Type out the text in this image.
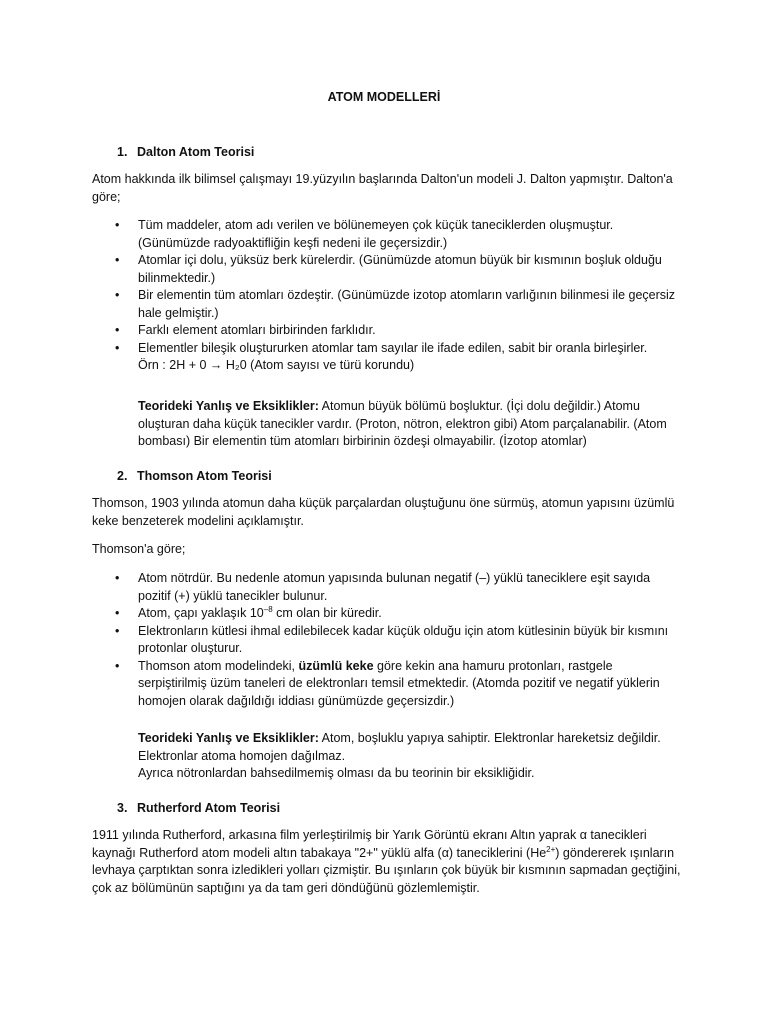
ATOM MODELLERİ
1. Dalton Atom Teorisi
Atom hakkında ilk bilimsel çalışmayı 19.yüzyılın başlarında Dalton'un modeli J. Dalton yapmıştır. Dalton'a göre;
• Tüm maddeler, atom adı verilen ve bölünemeyen çok küçük taneciklerden oluşmuştur. (Günümüzde radyoaktifliğin keşfi nedeni ile geçersizdir.)
• Atomlar içi dolu, yüksüz berk kürelerdir. (Günümüzde atomun büyük bir kısmının boşluk olduğu bilinmektedir.)
• Bir elementin tüm atomları özdeştir. (Günümüzde izotop atomların varlığının bilinmesi ile geçersiz hale gelmiştir.)
• Farklı element atomları birbirinden farklıdır.
• Elementler bileşik oluştururken atomlar tam sayılar ile ifade edilen, sabit bir oranla birleşirler.
Örn : 2H + 0 → H₂0 (Atom sayısı ve türü korundu)
Teorideki Yanlış ve Eksiklikler: Atomun büyük bölümü boşluktur. (İçi dolu değildir.) Atomu oluşturan daha küçük tanecikler vardır. (Proton, nötron, elektron gibi) Atom parçalanabilir. (Atom bombası) Bir elementin tüm atomları birbirinin özdeşi olmayabilir. (İzotop atomlar)
2. Thomson Atom Teorisi
Thomson, 1903 yılında atomun daha küçük parçalardan oluştuğunu öne sürmüş, atomun yapısını üzümlü keke benzeterek modelini açıklamıştır.
Thomson'a göre;
• Atom nötrdür. Bu nedenle atomun yapısında bulunan negatif (–) yüklü taneciklere eşit sayıda pozitif (+) yüklü tanecikler bulunur.
• Atom, çapı yaklaşık $10^{-8}$ cm olan bir küredir.
• Elektronların kütlesi ihmal edilebilecek kadar küçük olduğu için atom kütlesinin büyük bir kısmını protonlar oluşturur.
• Thomson atom modelindeki, üzümlü keke göre kekin ana hamuru protonları, rastgele serpiştirilmiş üzüm taneleri de elektronları temsil etmektedir. (Atomda pozitif ve negatif yüklerin homojen olarak dağıldığı iddiası günümüzde geçersizdir.)
Teorideki Yanlış ve Eksiklikler: Atom, boşluklu yapıya sahiptir. Elektronlar hareketsiz değildir. Elektronlar atoma homojen dağılmaz.
Ayrıca nötronlardan bahsedilmemiş olması da bu teorinin bir eksikliğidir.
3. Rutherford Atom Teorisi
1911 yılında Rutherford, arkasına film yerleştirilmiş bir Yarık Görüntü ekranı Altın yaprak α tanecikleri kaynağı Rutherford atom modeli altın tabakaya "2+" yüklü alfa (α) taneciklerini $(He^{2+})$ göndererek ışınların levhaya çarptıktan sonra izledikleri yolları çizmiştir. Bu ışınların çok büyük bir kısmının sapmadan geçtiğini, çok az bölümünün saptığını ya da tam geri döndüğünü gözlemlemiştir.
